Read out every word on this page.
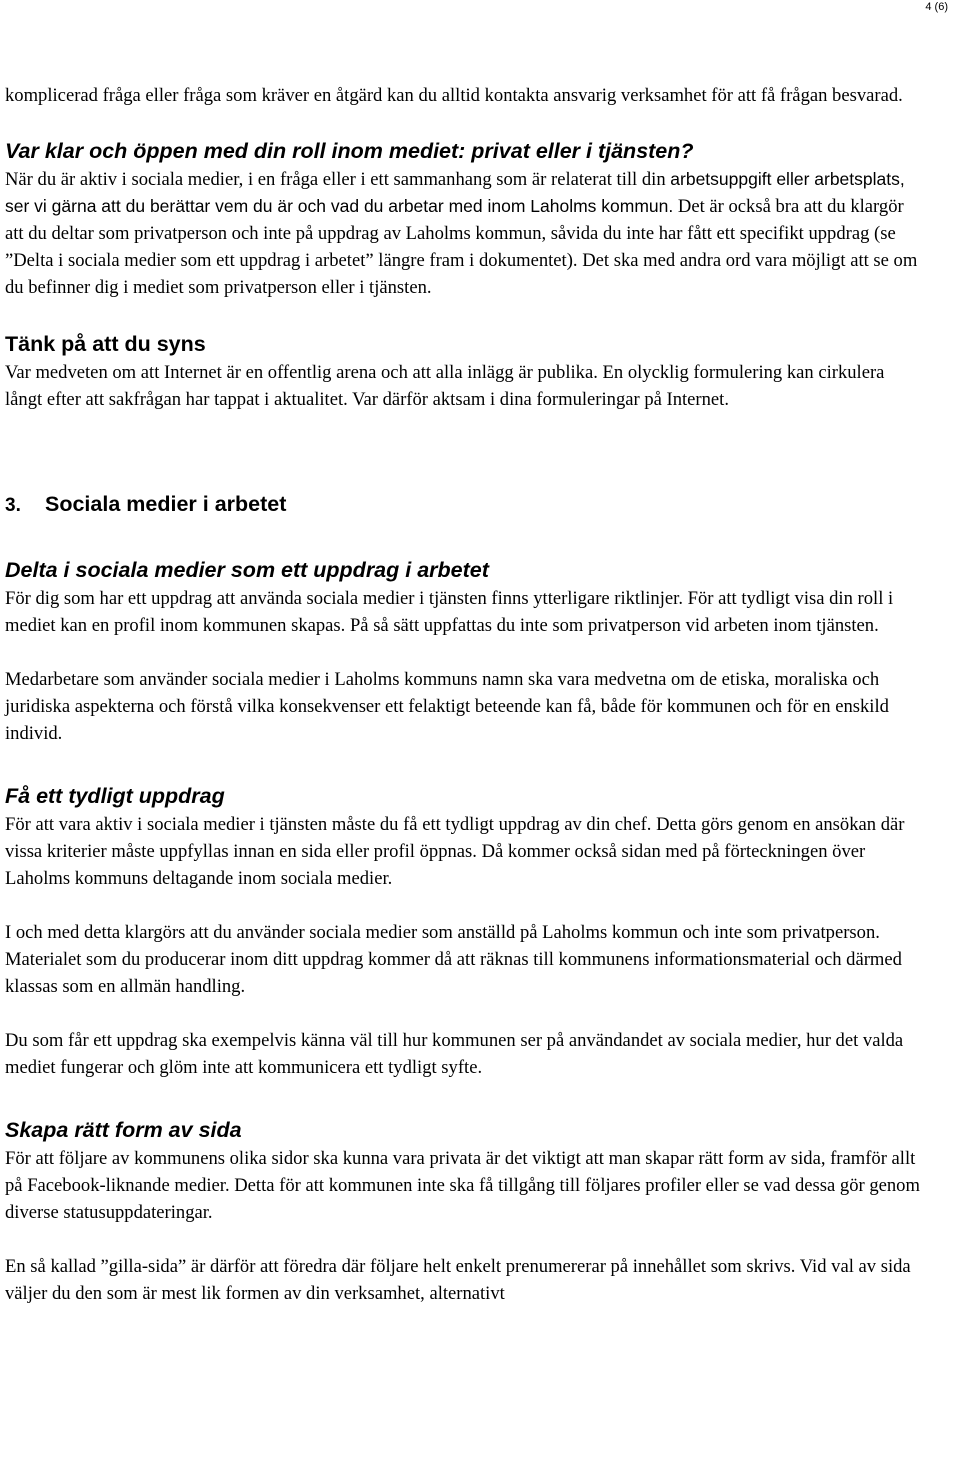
4 (6)

komplicerad fråga eller fråga som kräver en åtgärd kan du alltid kontakta ansvarig verksamhet för att få frågan besvarad.

Var klar och öppen med din roll inom mediet: privat eller i tjänsten?

När du är aktiv i sociala medier, i en fråga eller i ett sammanhang som är relaterat till din arbetsuppgift eller arbetsplats, ser vi gärna att du berättar vem du är och vad du arbetar med inom Laholms kommun. Det är också bra att du klargör att du deltar som privatperson och inte på uppdrag av Laholms kommun, såvida du inte har fått ett specifikt uppdrag (se ”Delta i sociala medier som ett uppdrag i arbetet” längre fram i dokumentet). Det ska med andra ord vara möjligt att se om du befinner dig i mediet som privatperson eller i tjänsten.

Tänk på att du syns

Var medveten om att Internet är en offentlig arena och att alla inlägg är publika. En olycklig formulering kan cirkulera långt efter att sakfrågan har tappat i aktualitet. Var därför aktsam i dina formuleringar på Internet.

3. Sociala medier i arbetet
Delta i sociala medier som ett uppdrag i arbetet

För dig som har ett uppdrag att använda sociala medier i tjänsten finns ytterligare riktlinjer. För att tydligt visa din roll i mediet kan en profil inom kommunen skapas. På så sätt uppfattas du inte som privatperson vid arbeten inom tjänsten.

Medarbetare som använder sociala medier i Laholms kommuns namn ska vara medvetna om de etiska, moraliska och juridiska aspekterna och förstå vilka konsekvenser ett felaktigt beteende kan få, både för kommunen och för en enskild individ.

Få ett tydligt uppdrag

För att vara aktiv i sociala medier i tjänsten måste du få ett tydligt uppdrag av din chef. Detta görs genom en ansökan där vissa kriterier måste uppfyllas innan en sida eller profil öppnas. Då kommer också sidan med på förteckningen över Laholms kommuns deltagande inom sociala medier.

I och med detta klargörs att du använder sociala medier som anställd på Laholms kommun och inte som privatperson. Materialet som du producerar inom ditt uppdrag kommer då att räknas till kommunens informationsmaterial och därmed klassas som en allmän handling.

Du som får ett uppdrag ska exempelvis känna väl till hur kommunen ser på användandet av sociala medier, hur det valda mediet fungerar och glöm inte att kommunicera ett tydligt syfte.

Skapa rätt form av sida

För att följare av kommunens olika sidor ska kunna vara privata är det viktigt att man skapar rätt form av sida, framför allt på Facebook-liknande medier. Detta för att kommunen inte ska få tillgång till följares profiler eller se vad dessa gör genom diverse statusuppdateringar.

En så kallad ”gilla-sida” är därför att föredra där följare helt enkelt prenumererar på innehållet som skrivs. Vid val av sida väljer du den som är mest lik formen av din verksamhet, alternativt
